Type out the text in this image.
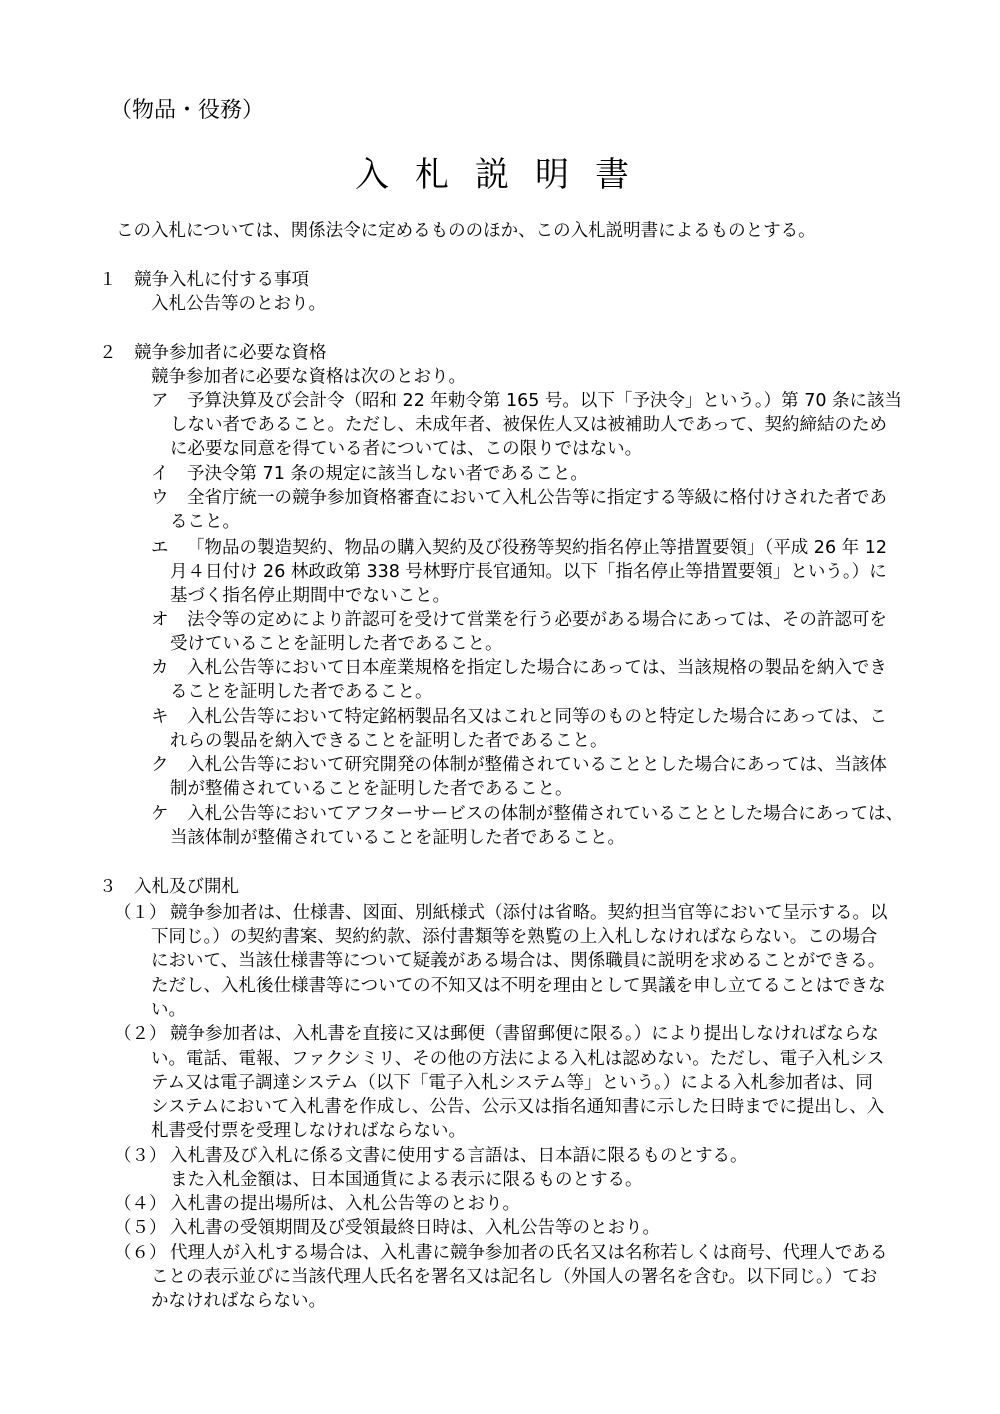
（物品・役務）
入札説明書
この入札については、関係法令に定めるもののほか、この入札説明書によるものとする。
１ 競争入札に付する事項
入札公告等のとおり。
２ 競争参加者に必要な資格
競争参加者に必要な資格は次のとおり。
ア 予算決算及び会計令（昭和 22 年勅令第 165 号。以下「予決令」という。）第 70 条に該当
しない者であること。ただし、未成年者、被保佐人又は被補助人であって、契約締結のため
に必要な同意を得ている者については、この限りではない。
イ 予決令第 71 条の規定に該当しない者であること。
ウ 全省庁統一の競争参加資格審査において入札公告等に指定する等級に格付けされた者であ
ること。
エ 「物品の製造契約、物品の購入契約及び役務等契約指名停止等措置要領」（平成 26 年 12
月４日付け 26 林政政第 338 号林野庁長官通知。以下「指名停止等措置要領」という。）に
基づく指名停止期間中でないこと。
オ 法令等の定めにより許認可を受けて営業を行う必要がある場合にあっては、その許認可を
受けていることを証明した者であること。
カ 入札公告等において日本産業規格を指定した場合にあっては、当該規格の製品を納入でき
ることを証明した者であること。
キ 入札公告等において特定銘柄製品名又はこれと同等のものと特定した場合にあっては、こ
れらの製品を納入できることを証明した者であること。
ク 入札公告等において研究開発の体制が整備されていることとした場合にあっては、当該体
制が整備されていることを証明した者であること。
ケ 入札公告等においてアフターサービスの体制が整備されていることとした場合にあっては、
当該体制が整備されていることを証明した者であること。
３ 入札及び開札
（１） 競争参加者は、仕様書、図面、別紙様式（添付は省略。契約担当官等において呈示する。以
下同じ。）の契約書案、契約約款、添付書類等を熟覧の上入札しなければならない。この場合
において、当該仕様書等について疑義がある場合は、関係職員に説明を求めることができる。
ただし、入札後仕様書等についての不知又は不明を理由として異議を申し立てることはできな
い。
（２） 競争参加者は、入札書を直接に又は郵便（書留郵便に限る。）により提出しなければならな
い。電話、電報、ファクシミリ、その他の方法による入札は認めない。ただし、電子入札シス
テム又は電子調達システム（以下「電子入札システム等」という。）による入札参加者は、同
システムにおいて入札書を作成し、公告、公示又は指名通知書に示した日時までに提出し、入
札書受付票を受理しなければならない。
（３） 入札書及び入札に係る文書に使用する言語は、日本語に限るものとする。
また入札金額は、日本国通貨による表示に限るものとする。
（４） 入札書の提出場所は、入札公告等のとおり。
（５） 入札書の受領期間及び受領最終日時は、入札公告等のとおり。
（６） 代理人が入札する場合は、入札書に競争参加者の氏名又は名称若しくは商号、代理人である
ことの表示並びに当該代理人氏名を署名又は記名し（外国人の署名を含む。以下同じ。）てお
かなければならない。
